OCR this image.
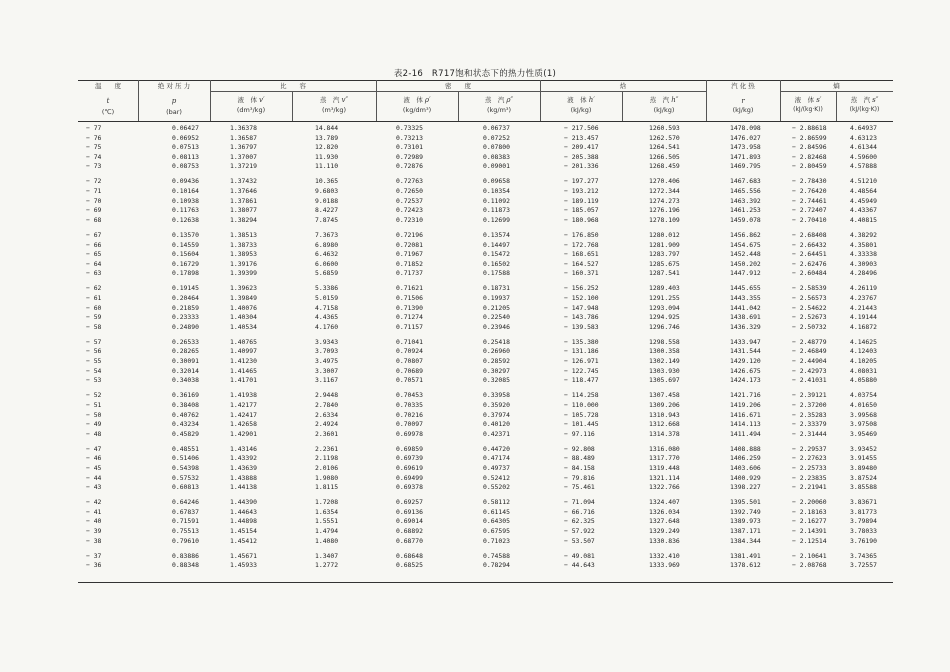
表2-16　R717饱和状态下的热力性质(1)
温　　度
t
(℃)
绝 对 压 力
p
(bar)
比　　容
液　体 v′
(dm³/kg)
蒸　汽 v″
(m³/kg)
密　　度
液　体 ρ′
(kg/dm³)
蒸　汽 ρ″
(kg/m³)
焓
液　体 h′
(kJ/kg)
蒸　汽 h″
(kJ/kg)
汽 化 热
r
(kJ/kg)
熵
液　体 s′
(kJ/(kg·K))
蒸　汽 s″
(kJ/(kg·K))
− 77	0.06427	1.36378	14.844	0.73325	0.06737	− 217.506	1260.593	1478.098	− 2.88618	4.64937
− 76	0.06952	1.36587	13.789	0.73213	0.07252	− 213.457	1262.570	1476.027	− 2.86599	4.63123
− 75	0.07513	1.36797	12.820	0.73101	0.07800	− 209.417	1264.541	1473.958	− 2.84596	4.61344
− 74	0.08113	1.37007	11.930	0.72989	0.08383	− 205.388	1266.505	1471.893	− 2.82468	4.59600
− 73	0.08753	1.37219	11.110	0.72876	0.09001	− 201.336	1268.459	1469.795	− 2.80459	4.57888
− 72	0.09436	1.37432	10.365	0.72763	0.09658	− 197.277	1270.406	1467.683	− 2.78430	4.51210
− 71	0.10164	1.37646	9.6803	0.72650	0.10354	− 193.212	1272.344	1465.556	− 2.76420	4.48564
− 70	0.10938	1.37861	9.0188	0.72537	0.11092	− 189.119	1274.273	1463.392	− 2.74461	4.45949
− 69	0.11763	1.38077	8.4227	0.72423	0.11873	− 185.057	1276.196	1461.253	− 2.72407	4.43367
− 68	0.12638	1.38294	7.8745	0.72310	0.12699	− 180.968	1278.109	1459.078	− 2.70410	4.40815
− 67	0.13570	1.38513	7.3673	0.72196	0.13574	− 176.850	1280.012	1456.862	− 2.68408	4.38292
− 66	0.14559	1.38733	6.8980	0.72081	0.14497	− 172.768	1281.909	1454.675	− 2.66432	4.35801
− 65	0.15604	1.38953	6.4632	0.71967	0.15472	− 168.651	1283.797	1452.448	− 2.64451	4.33338
− 64	0.16729	1.39176	6.0600	0.71852	0.16502	− 164.527	1285.675	1450.202	− 2.62476	4.30903
− 63	0.17898	1.39399	5.6859	0.71737	0.17588	− 160.371	1287.541	1447.912	− 2.60484	4.28496
− 62	0.19145	1.39623	5.3386	0.71621	0.18731	− 156.252	1289.403	1445.655	− 2.58539	4.26119
− 61	0.20464	1.39849	5.0159	0.71506	0.19937	− 152.100	1291.255	1443.355	− 2.56573	4.23767
− 60	0.21859	1.40076	4.7158	0.71390	0.21205	− 147.948	1293.094	1441.042	− 2.54622	4.21443
− 59	0.23333	1.40304	4.4365	0.71274	0.22540	− 143.786	1294.925	1438.691	− 2.52673	4.19144
− 58	0.24890	1.40534	4.1760	0.71157	0.23946	− 139.583	1296.746	1436.329	− 2.50732	4.16872
− 57	0.26533	1.40765	3.9343	0.71041	0.25418	− 135.380	1298.558	1433.947	− 2.48779	4.14625
− 56	0.28265	1.40997	3.7093	0.70924	0.26960	− 131.186	1300.358	1431.544	− 2.46849	4.12403
− 55	0.30091	1.41230	3.4975	0.70807	0.28592	− 126.971	1302.149	1429.120	− 2.44904	4.10205
− 54	0.32014	1.41465	3.3007	0.70689	0.30297	− 122.745	1303.930	1426.675	− 2.42973	4.08031
− 53	0.34038	1.41701	3.1167	0.70571	0.32085	− 118.477	1305.697	1424.173	− 2.41031	4.05880
− 52	0.36169	1.41938	2.9448	0.70453	0.33958	− 114.258	1307.458	1421.716	− 2.39121	4.03754
− 51	0.38408	1.42177	2.7840	0.70335	0.35920	− 110.000	1309.206	1419.206	− 2.37200	4.01650
− 50	0.40762	1.42417	2.6334	0.70216	0.37974	− 105.728	1310.943	1416.671	− 2.35283	3.99568
− 49	0.43234	1.42658	2.4924	0.70097	0.40120	− 101.445	1312.668	1414.113	− 2.33379	3.97508
− 48	0.45829	1.42901	2.3601	0.69978	0.42371	− 97.116	1314.378	1411.494	− 2.31444	3.95469
− 47	0.48551	1.43146	2.2361	0.69859	0.44720	− 92.808	1316.080	1408.888	− 2.29537	3.93452
− 46	0.51406	1.43392	2.1198	0.69739	0.47174	− 88.489	1317.770	1406.259	− 2.27623	3.91455
− 45	0.54398	1.43639	2.0106	0.69619	0.49737	− 84.158	1319.448	1403.606	− 2.25733	3.89480
− 44	0.57532	1.43888	1.9080	0.69499	0.52412	− 79.816	1321.114	1400.929	− 2.23835	3.87524
− 43	0.60813	1.44138	1.8115	0.69378	0.55202	− 75.461	1322.766	1398.227	− 2.21941	3.85588
− 42	0.64246	1.44390	1.7208	0.69257	0.58112	− 71.094	1324.407	1395.501	− 2.20060	3.83671
− 41	0.67837	1.44643	1.6354	0.69136	0.61145	− 66.716	1326.034	1392.749	− 2.18163	3.81773
− 40	0.71591	1.44898	1.5551	0.69014	0.64305	− 62.325	1327.648	1389.973	− 2.16277	3.79894
− 39	0.75513	1.45154	1.4794	0.68892	0.67595	− 57.922	1329.249	1387.171	− 2.14391	3.78033
− 38	0.79610	1.45412	1.4080	0.68770	0.71023	− 53.507	1330.836	1384.344	− 2.12514	3.76190
− 37	0.83886	1.45671	1.3407	0.68648	0.74588	− 49.081	1332.410	1381.491	− 2.10641	3.74365
− 36	0.88348	1.45933	1.2772	0.68525	0.78294	− 44.643	1333.969	1378.612	− 2.08768	3.72557
